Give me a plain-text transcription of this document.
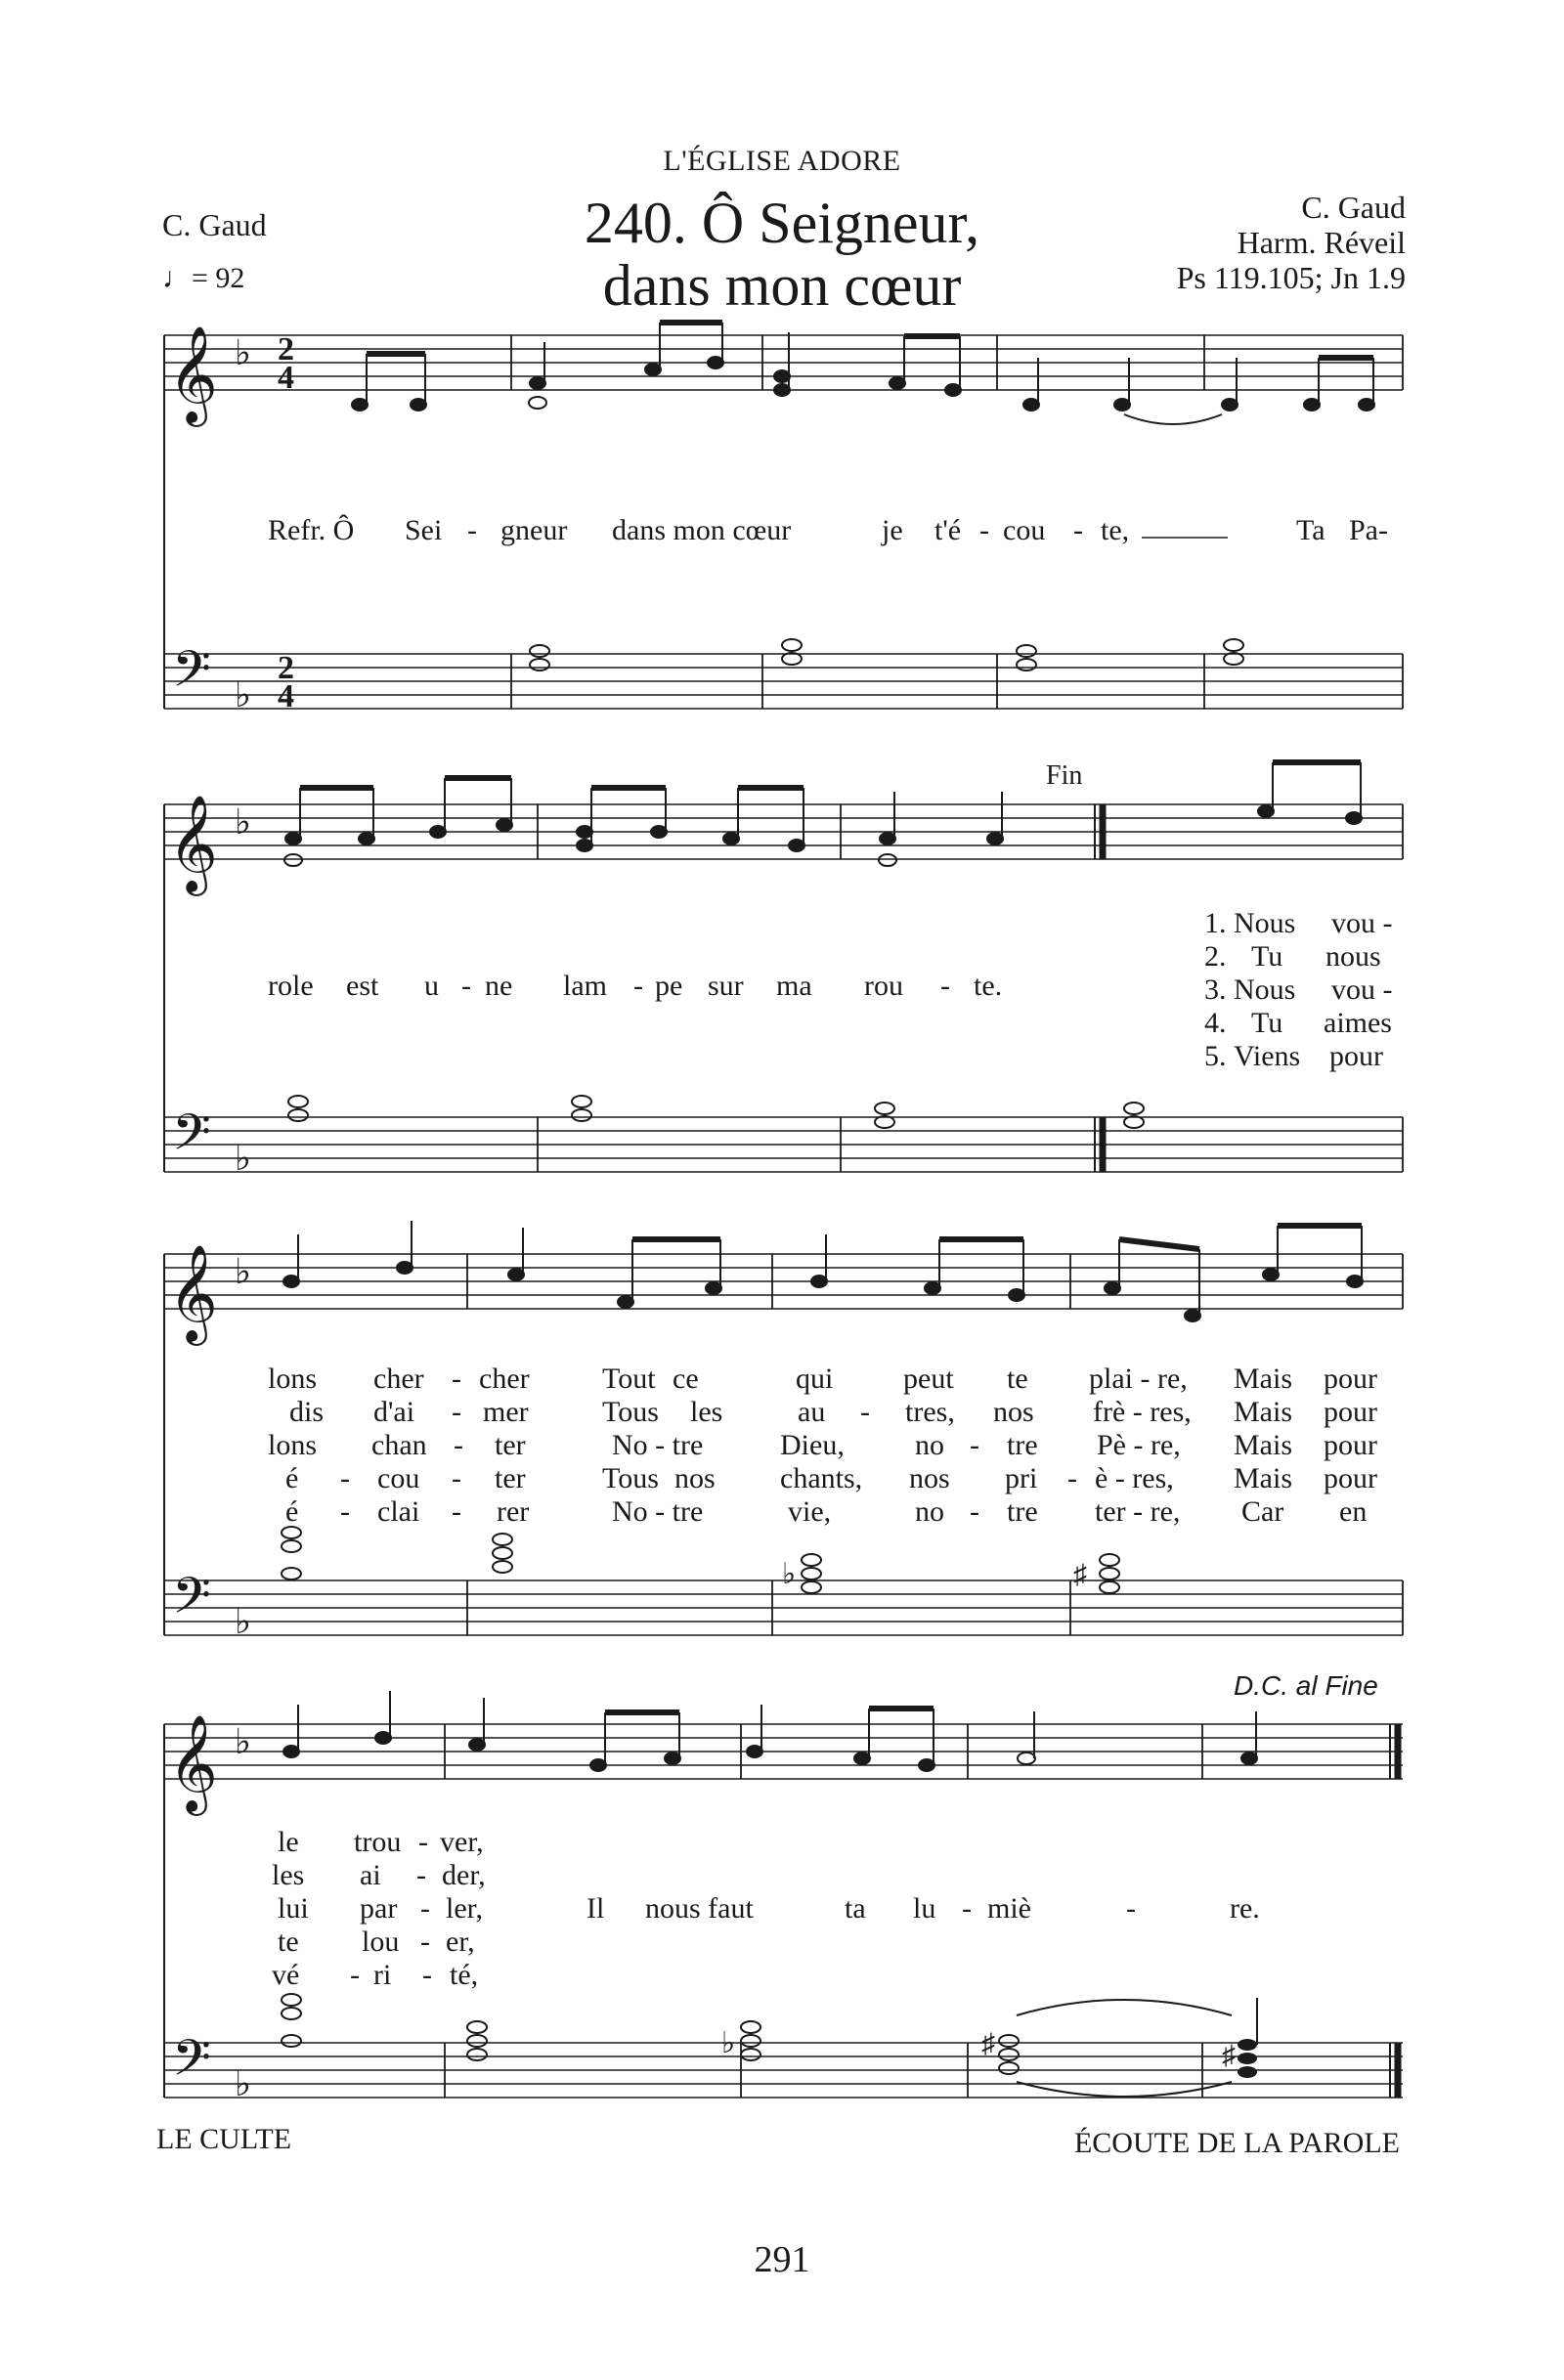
L'ÉGLISE ADORE
240. Ô Seigneur,
dans mon cœur
C. Gaud
♩= 92
C. Gaud
Harm. Réveil
Ps 119.105; Jn 1.9
𝄞
𝄢
♭
♭
2
4
2
4
Refr. Ô Sei - gneur dans mon cœur	je t'é - cou - te,	Ta Pa-
𝄞
𝄢
♭
♭
Fin
role est u - ne lam - pe sur ma rou - te.
1. Nous vou -
2. Tu nous
3. Nous vou -
4. Tu aimes
5. Viens pour
𝄞
𝄢
♭
♭
♭	♯
lons cher - cher Tout ce	qui peut te plai - re, Mais pour
dis d'ai - mer	Tous les	au - tres, nos frè - res, Mais pour
lons chan - ter	No - tre	Dieu, no - tre Pè - re, Mais pour
é - cou - ter	Tous nos chants, nos pri - è - res, Mais pour
é - clai - rer	No - tre	vie,	no - tre ter - re, Car en
𝄞
𝄢
♭
♭
D.C. al Fine
♭	♯	♯
le trou - ver,
les ai - der,
lui par - ler,
te lou - er,
vé - ri - té,
Il nous faut	ta lu - miè	-	re.
LE CULTE	ÉCOUTE DE LA PAROLE
291
